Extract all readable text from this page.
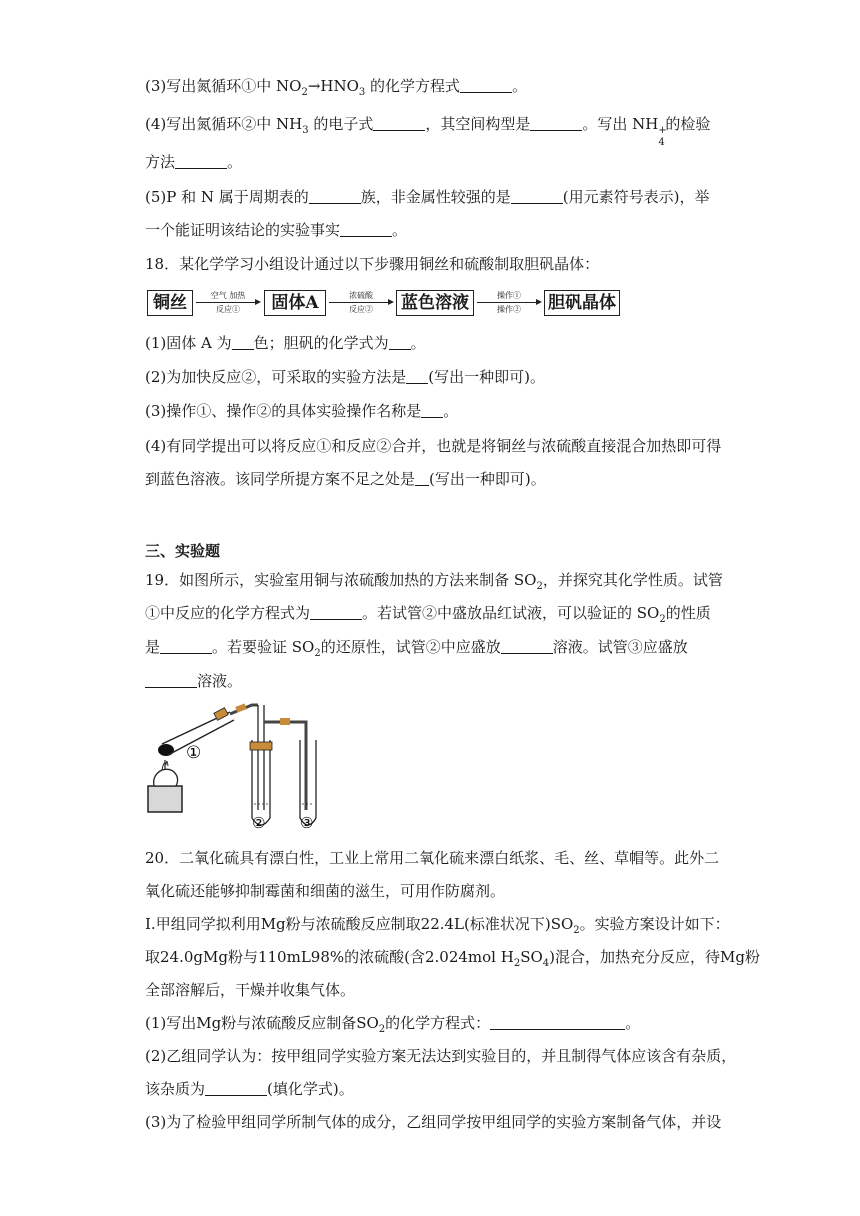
(3)写出氮循环①中 $NO_2\to HNO_3$ 的化学方程式	。
(4)写出氮循环②中 $NH_3$ 的电子式	，其空间构型是	。写出 NH +
4
的检验
方法	。
(5)P 和 N 属于周期表的	族，非金属性较强的是	(用元素符号表示)，举
一个能证明该结论的实验事实	。
18．某化学学习小组设计通过以下步骤用铜丝和硫酸制取胆矾晶体：
铜丝	空气 加热
反应①	固体A	浓硫酸
反应②	蓝色溶液	操作①
操作②	胆矾晶体
(1)固体 A 为 色；胆矾的化学式为 。
(2)为加快反应②，可采取的实验方法是 (写出一种即可)。
(3)操作①、操作②的具体实验操作名称是 。
(4)有同学提出可以将反应①和反应②合并，也就是将铜丝与浓硫酸直接混合加热即可得
到蓝色溶液。该同学所提方案不足之处是 (写出一种即可)。
三、实验题
19．如图所示，实验室用铜与浓硫酸加热的方法来制备 $SO_2$，并探究其化学性质。试管
①中反应的化学方程式为	。若试管②中盛放品红试液，可以验证的 $SO_2$的性质
是	。若要验证 $SO_2$的还原性，试管②中应盛放	溶液。试管③应盛放
溶液。
①
② ③
20．二氧化硫具有漂白性，工业上常用二氧化硫来漂白纸浆、毛、丝、草帽等。此外二
氧化硫还能够抑制霉菌和细菌的滋生，可用作防腐剂。
I.甲组同学拟利用Mg粉与浓硫酸反应制取22.4L(标准状况下)$SO_2$。实验方案设计如下：
取24.0gMg粉与110mL98%的浓硫酸(含2.024mol $H_2SO_4$)混合，加热充分反应，待Mg粉
全部溶解后，干燥并收集气体。
(1)写出Mg粉与浓硫酸反应制备$SO_2$的化学方程式：	。
(2)乙组同学认为：按甲组同学实验方案无法达到实验目的，并且制得气体应该含有杂质，
该杂质为	(填化学式)。
(3)为了检验甲组同学所制气体的成分，乙组同学按甲组同学的实验方案制备气体，并设
